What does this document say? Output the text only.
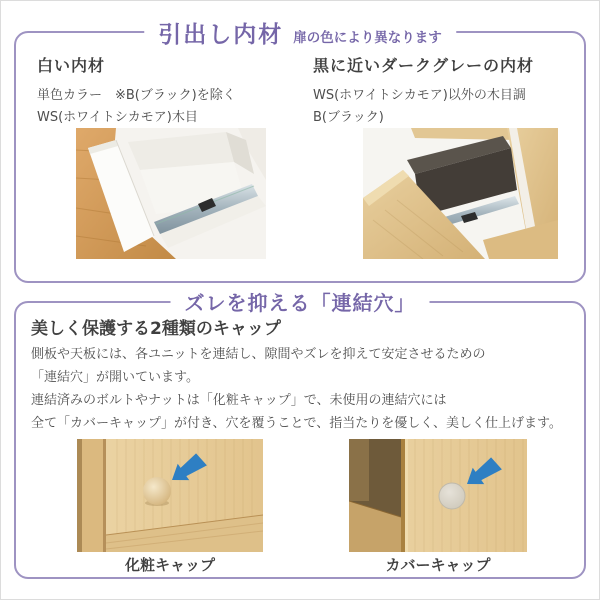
引出し内材 扉の色により異なります
白い内材
単色カラー　※B(ブラック)を除く
WS(ホワイトシカモア)木目
黒に近いダークグレーの内材
WS(ホワイトシカモア)以外の木目調
B(ブラック)
ズレを抑える「連結穴」
美しく保護する2種類のキャップ
側板や天板には、各ユニットを連結し、隙間やズレを抑えて安定させるための
「連結穴」が開いています。
連結済みのボルトやナットは「化粧キャップ」で、未使用の連結穴には
全て「カバーキャップ」が付き、穴を覆うことで、指当たりを優しく、美しく仕上げます。
化粧キャップ	カバーキャップ
